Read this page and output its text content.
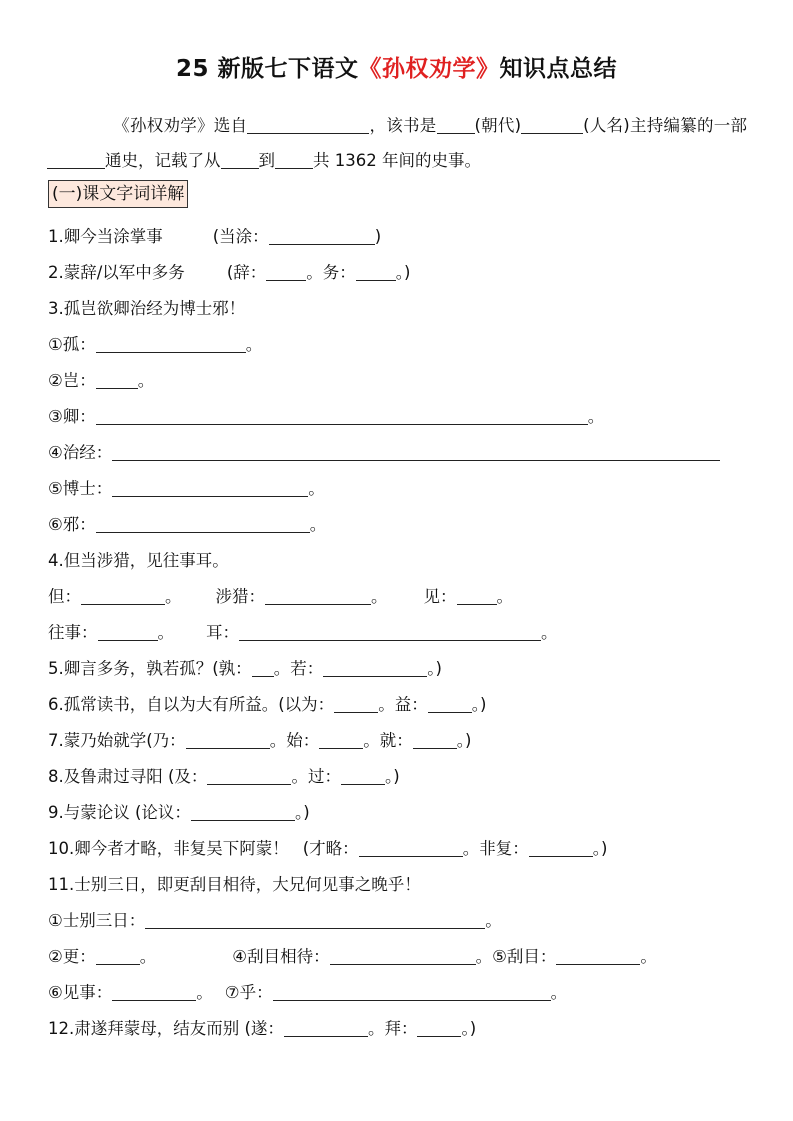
25 新版七下语文《孙权劝学》知识点总结
《孙权劝学》选自	，该书是 (朝代)	(人名)主持编纂的一部通史，记载了从 到 共 1362 年间的史事。
(一)课文字词详解
1.卿今当涂掌事	(当涂：	)
2.蒙辞/以军中多务	(辞： 。务： 。)
3.孤岂欲卿治经为博士邪！
①孤：	。
②岂：	。
③卿：	。
④治经：
⑤博士：	。
⑥邪：	。
4.但当涉猎，见往事耳。
但：	。 涉猎：	。 见： 。
往事：	。 耳：	。
5.卿言多务，孰若孤？(孰： 。若：	。)
6.孤常读书，自以为大有所益。(以为：	。益：	。)
7.蒙乃始就学(乃：	。始：	。就：	。)
8.及鲁肃过寻阳 (及：	。过：	。)
9.与蒙论议 (论议：	。)
10.卿今者才略，非复吴下阿蒙！ (才略：	。非复：	。)
11.士别三日，即更刮目相待，大兄何见事之晚乎！
①士别三日：	。
②更：	。	④刮目相待：	。⑤刮目：	。
⑥见事：	。 ⑦乎：	。
12.肃遂拜蒙母，结友而别 (遂：	。拜：	。)
